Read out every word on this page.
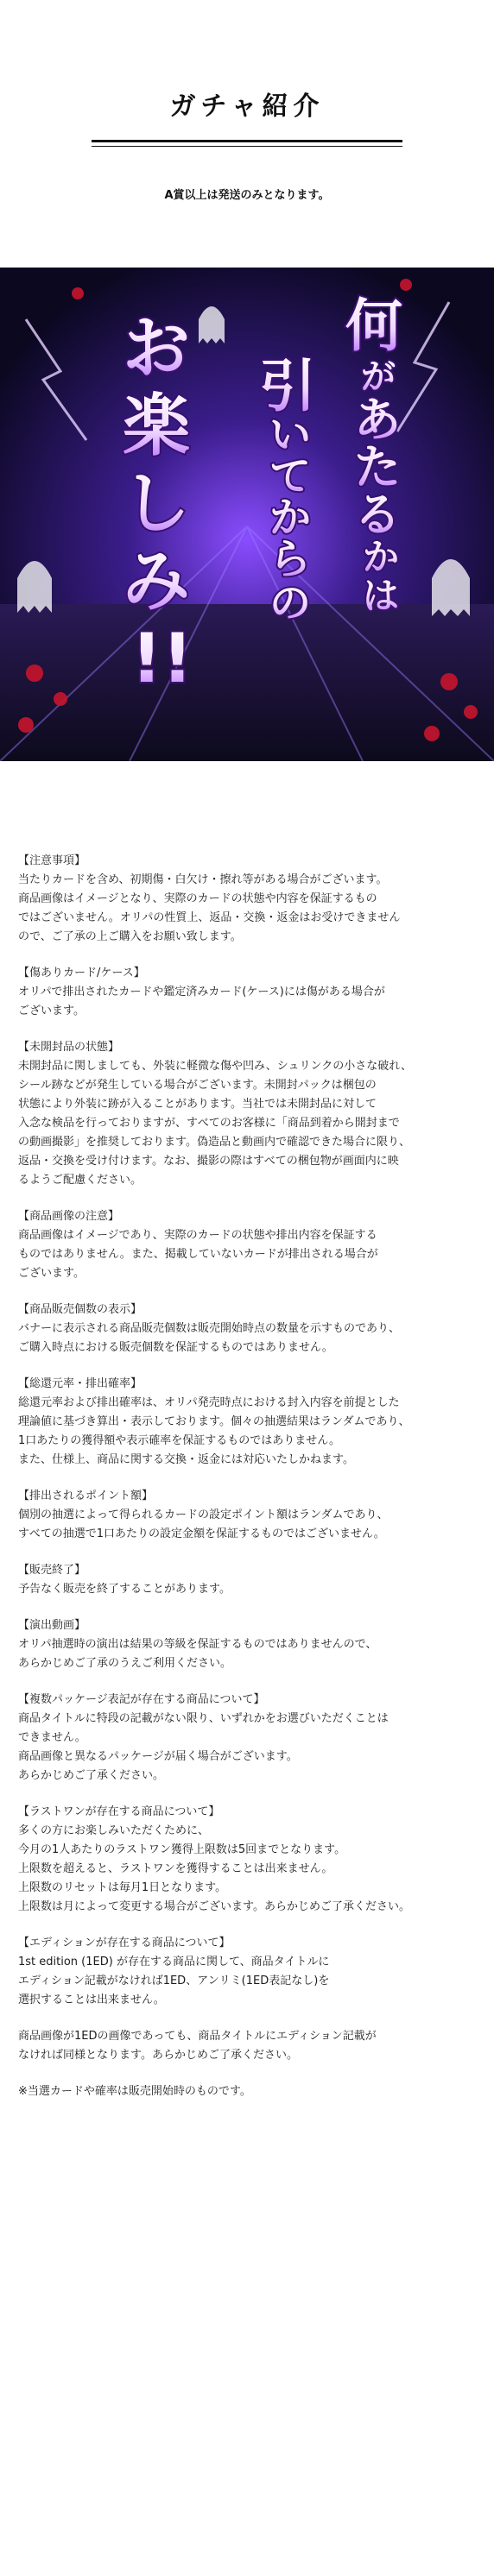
ガチャ紹介
A賞以上は発送のみとなります。
お
楽
し
み
!!
何
が
あ
た
る
か
は
引
い
て
か
ら
の
【注意事項】
当たりカードを含め、初期傷・白欠け・擦れ等がある場合がございます。
商品画像はイメージとなり、実際のカードの状態や内容を保証するもの
ではございません。オリパの性質上、返品・交換・返金はお受けできません
ので、ご了承の上ご購入をお願い致します。
【傷ありカード/ケース】
オリパで排出されたカードや鑑定済みカード(ケース)には傷がある場合が
ございます。
【未開封品の状態】
未開封品に関しましても、外装に軽微な傷や凹み、シュリンクの小さな破れ、
シール跡などが発生している場合がございます。未開封パックは梱包の
状態により外装に跡が入ることがあります。当社では未開封品に対して
入念な検品を行っておりますが、すべてのお客様に「商品到着から開封まで
の動画撮影」を推奨しております。偽造品と動画内で確認できた場合に限り、
返品・交換を受け付けます。なお、撮影の際はすべての梱包物が画面内に映
るようご配慮ください。
【商品画像の注意】
商品画像はイメージであり、実際のカードの状態や排出内容を保証する
ものではありません。また、掲載していないカードが排出される場合が
ございます。
【商品販売個数の表示】
バナーに表示される商品販売個数は販売開始時点の数量を示すものであり、
ご購入時点における販売個数を保証するものではありません。
【総還元率・排出確率】
総還元率および排出確率は、オリパ発売時点における封入内容を前提とした
理論値に基づき算出・表示しております。個々の抽選結果はランダムであり、
1口あたりの獲得額や表示確率を保証するものではありません。
また、仕様上、商品に関する交換・返金には対応いたしかねます。
【排出されるポイント額】
個別の抽選によって得られるカードの設定ポイント額はランダムであり、
すべての抽選で1口あたりの設定金額を保証するものではございません。
【販売終了】
予告なく販売を終了することがあります。
【演出動画】
オリパ抽選時の演出は結果の等級を保証するものではありませんので、
あらかじめご了承のうえご利用ください。
【複数パッケージ表記が存在する商品について】
商品タイトルに特段の記載がない限り、いずれかをお選びいただくことは
できません。
商品画像と異なるパッケージが届く場合がございます。
あらかじめご了承ください。
【ラストワンが存在する商品について】
多くの方にお楽しみいただくために、
今月の1人あたりのラストワン獲得上限数は5回までとなります。
上限数を超えると、ラストワンを獲得することは出来ません。
上限数のリセットは毎月1日となります。
上限数は月によって変更する場合がございます。あらかじめご了承ください。
【エディションが存在する商品について】
1st edition (1ED) が存在する商品に関して、商品タイトルに
エディション記載がなければ1ED、アンリミ(1ED表記なし)を
選択することは出来ません。
商品画像が1EDの画像であっても、商品タイトルにエディション記載が
なければ同様となります。あらかじめご了承ください。
※当選カードや確率は販売開始時のものです。
